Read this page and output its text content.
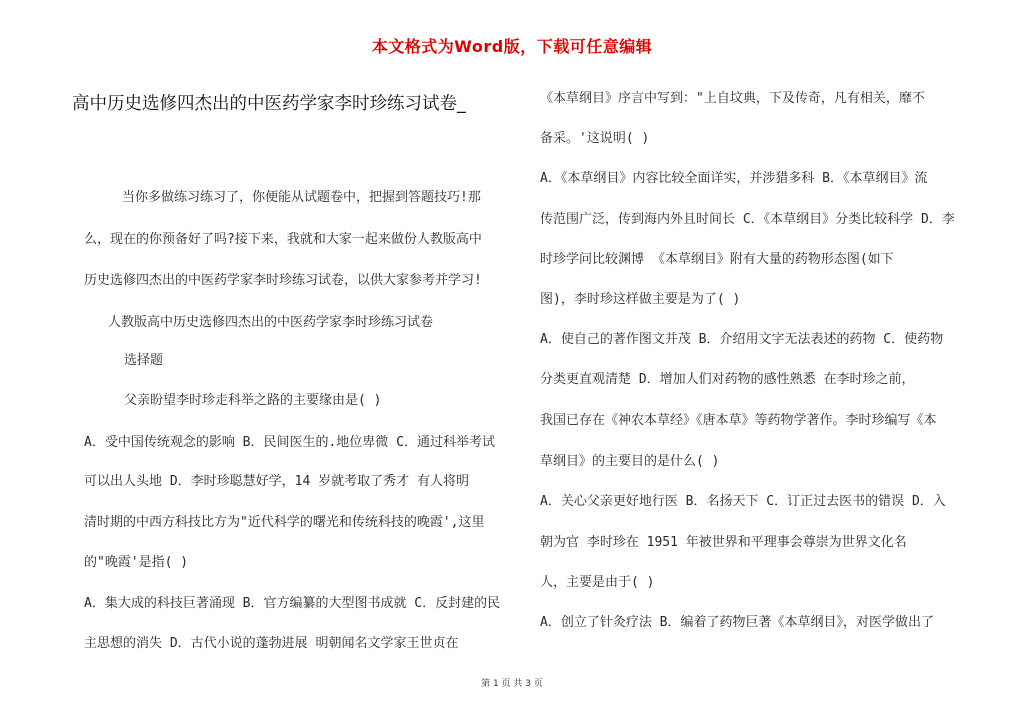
本文格式为Word版，下载可任意编辑
高中历史选修四杰出的中医药学家李时珍练习试卷_
当你多做练习练习了，你便能从试题卷中，把握到答题技巧!那
么，现在的你预备好了吗?接下来，我就和大家一起来做份人教版高中
历史选修四杰出的中医药学家李时珍练习试卷，以供大家参考并学习!
人教版高中历史选修四杰出的中医药学家李时珍练习试卷
选择题
父亲盼望李时珍走科举之路的主要缘由是( )
A．受中国传统观念的影响 B．民间医生的.地位卑微 C．通过科举考试
可以出人头地 D．李时珍聪慧好学，14 岁就考取了秀才 有人将明
清时期的中西方科技比方为"近代科学的曙光和传统科技的晚霞',这里
的"晚霞'是指( )
A．集大成的科技巨著涌现 B．官方编纂的大型图书成就 C．反封建的民
主思想的消失 D．古代小说的蓬勃进展 明朝闻名文学家王世贞在
《本草纲目》序言中写到："上自坟典，下及传奇，凡有相关，靡不
备采。'这说明( )
A．《本草纲目》内容比较全面详实，并涉猎多科 B．《本草纲目》流
传范围广泛，传到海内外且时间长 C．《本草纲目》分类比较科学 D．李
时珍学问比较渊博 《本草纲目》附有大量的药物形态图(如下
图)，李时珍这样做主要是为了( )
A．使自己的著作图文并茂 B．介绍用文字无法表述的药物 C．使药物
分类更直观清楚 D．增加人们对药物的感性熟悉 在李时珍之前，
我国已存在《神农本草经》《唐本草》等药物学著作。李时珍编写《本
草纲目》的主要目的是什么( )
A．关心父亲更好地行医 B．名扬天下 C．订正过去医书的错误 D．入
朝为官 李时珍在 1951 年被世界和平理事会尊崇为世界文化名
人，主要是由于( )
A．创立了针灸疗法 B．编着了药物巨著《本草纲目》，对医学做出了
第 1 页 共 3 页
